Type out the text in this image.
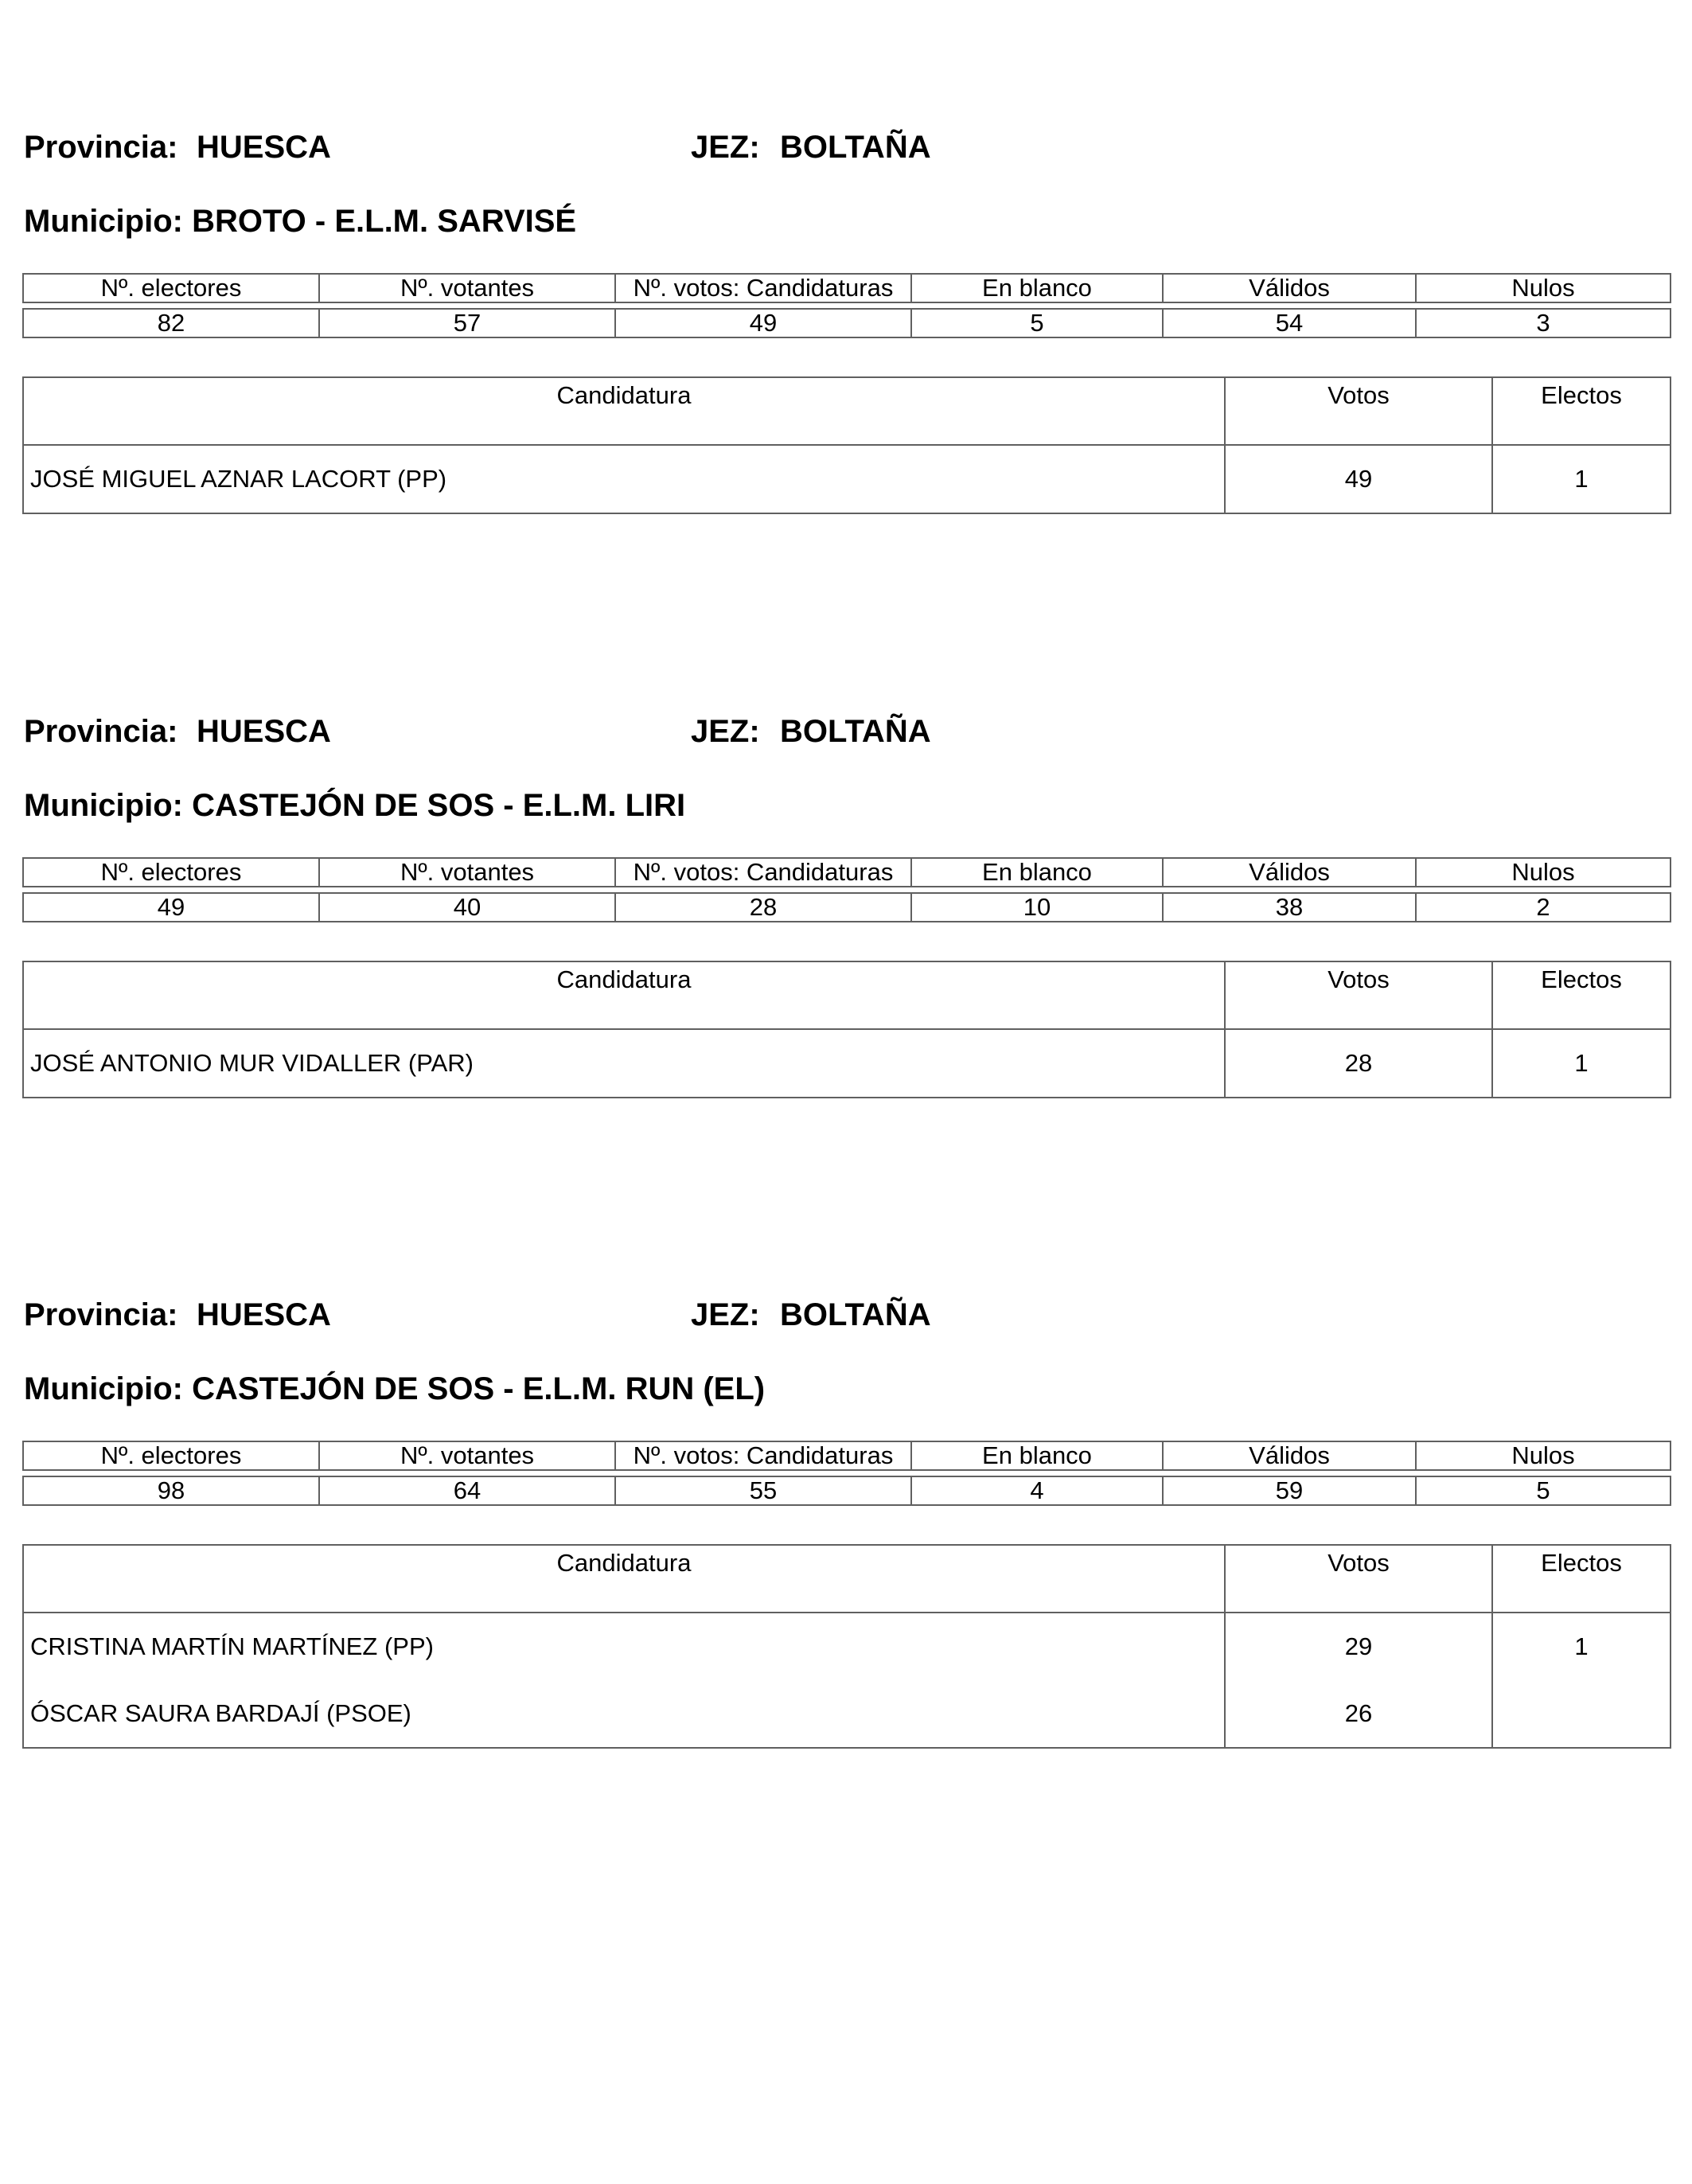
Provincia: HUESCA	JEZ: BOLTAÑA
Municipio: BROTO - E.L.M. SARVISÉ
Nº. electores	Nº. votantes	Nº. votos: Candidaturas	En blanco	Válidos	Nulos

82	57	49	5	54	3
Candidatura	Votos	Electos
JOSÉ MIGUEL AZNAR LACORT (PP)	49	1
Provincia: HUESCA	JEZ: BOLTAÑA
Municipio: CASTEJÓN DE SOS - E.L.M. LIRI
Nº. electores	Nº. votantes	Nº. votos: Candidaturas	En blanco	Válidos	Nulos

49	40	28	10	38	2
Candidatura	Votos	Electos
JOSÉ ANTONIO MUR VIDALLER (PAR)	28	1
Provincia: HUESCA	JEZ: BOLTAÑA
Municipio: CASTEJÓN DE SOS - E.L.M. RUN (EL)
Nº. electores	Nº. votantes	Nº. votos: Candidaturas	En blanco	Válidos	Nulos

98	64	55	4	59	5
Candidatura	Votos	Electos
CRISTINA MARTÍN MARTÍNEZ (PP)	29	1
ÓSCAR SAURA BARDAJÍ (PSOE)	26	
